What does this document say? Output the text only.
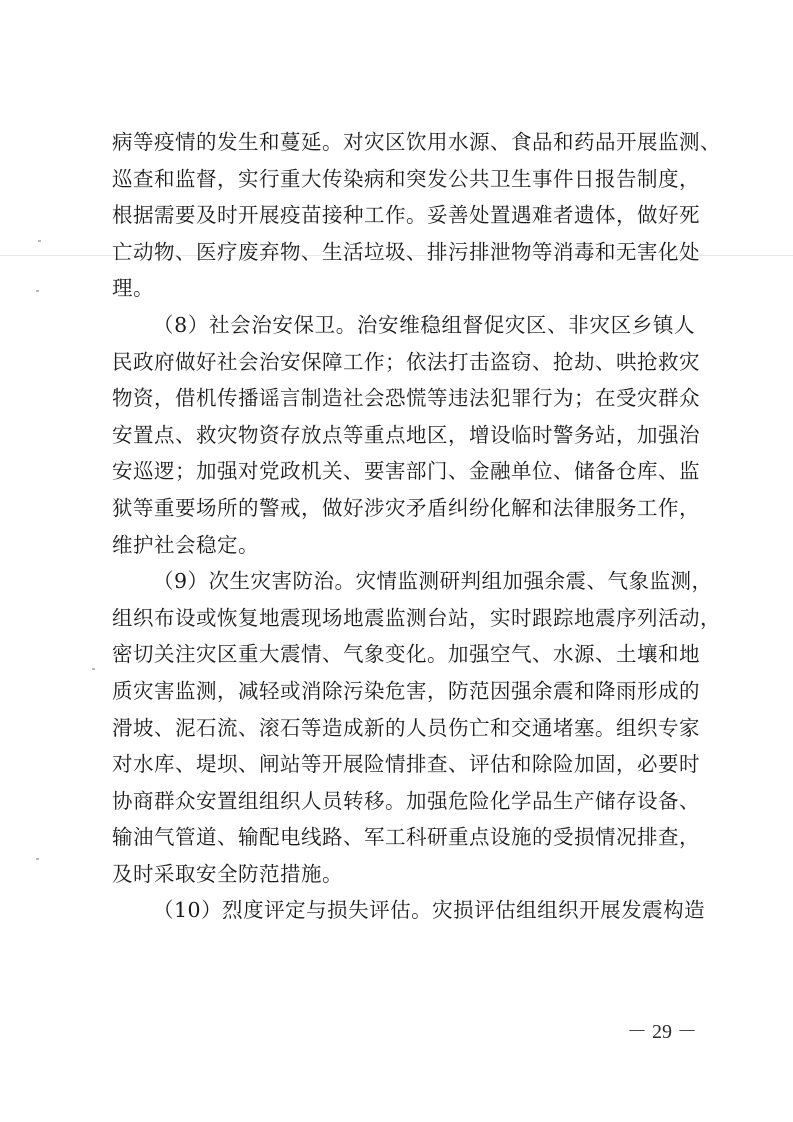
病等疫情的发生和蔓延。对灾区饮用水源、食品和药品开展监测、
巡查和监督，实行重大传染病和突发公共卫生事件日报告制度，
根据需要及时开展疫苗接种工作。妥善处置遇难者遗体，做好死
亡动物、医疗废弃物、生活垃圾、排污排泄物等消毒和无害化处
理。
（8）社会治安保卫。治安维稳组督促灾区、非灾区乡镇人
民政府做好社会治安保障工作；依法打击盗窃、抢劫、哄抢救灾
物资，借机传播谣言制造社会恐慌等违法犯罪行为；在受灾群众
安置点、救灾物资存放点等重点地区，增设临时警务站，加强治
安巡逻；加强对党政机关、要害部门、金融单位、储备仓库、监
狱等重要场所的警戒，做好涉灾矛盾纠纷化解和法律服务工作，
维护社会稳定。
（9）次生灾害防治。灾情监测研判组加强余震、气象监测，
组织布设或恢复地震现场地震监测台站，实时跟踪地震序列活动，
密切关注灾区重大震情、气象变化。加强空气、水源、土壤和地
质灾害监测，减轻或消除污染危害，防范因强余震和降雨形成的
滑坡、泥石流、滚石等造成新的人员伤亡和交通堵塞。组织专家
对水库、堤坝、闸站等开展险情排查、评估和除险加固，必要时
协商群众安置组组织人员转移。加强危险化学品生产储存设备、
输油气管道、输配电线路、军工科研重点设施的受损情况排查，
及时采取安全防范措施。
（10）烈度评定与损失评估。灾损评估组组织开展发震构造
－ 29 －
